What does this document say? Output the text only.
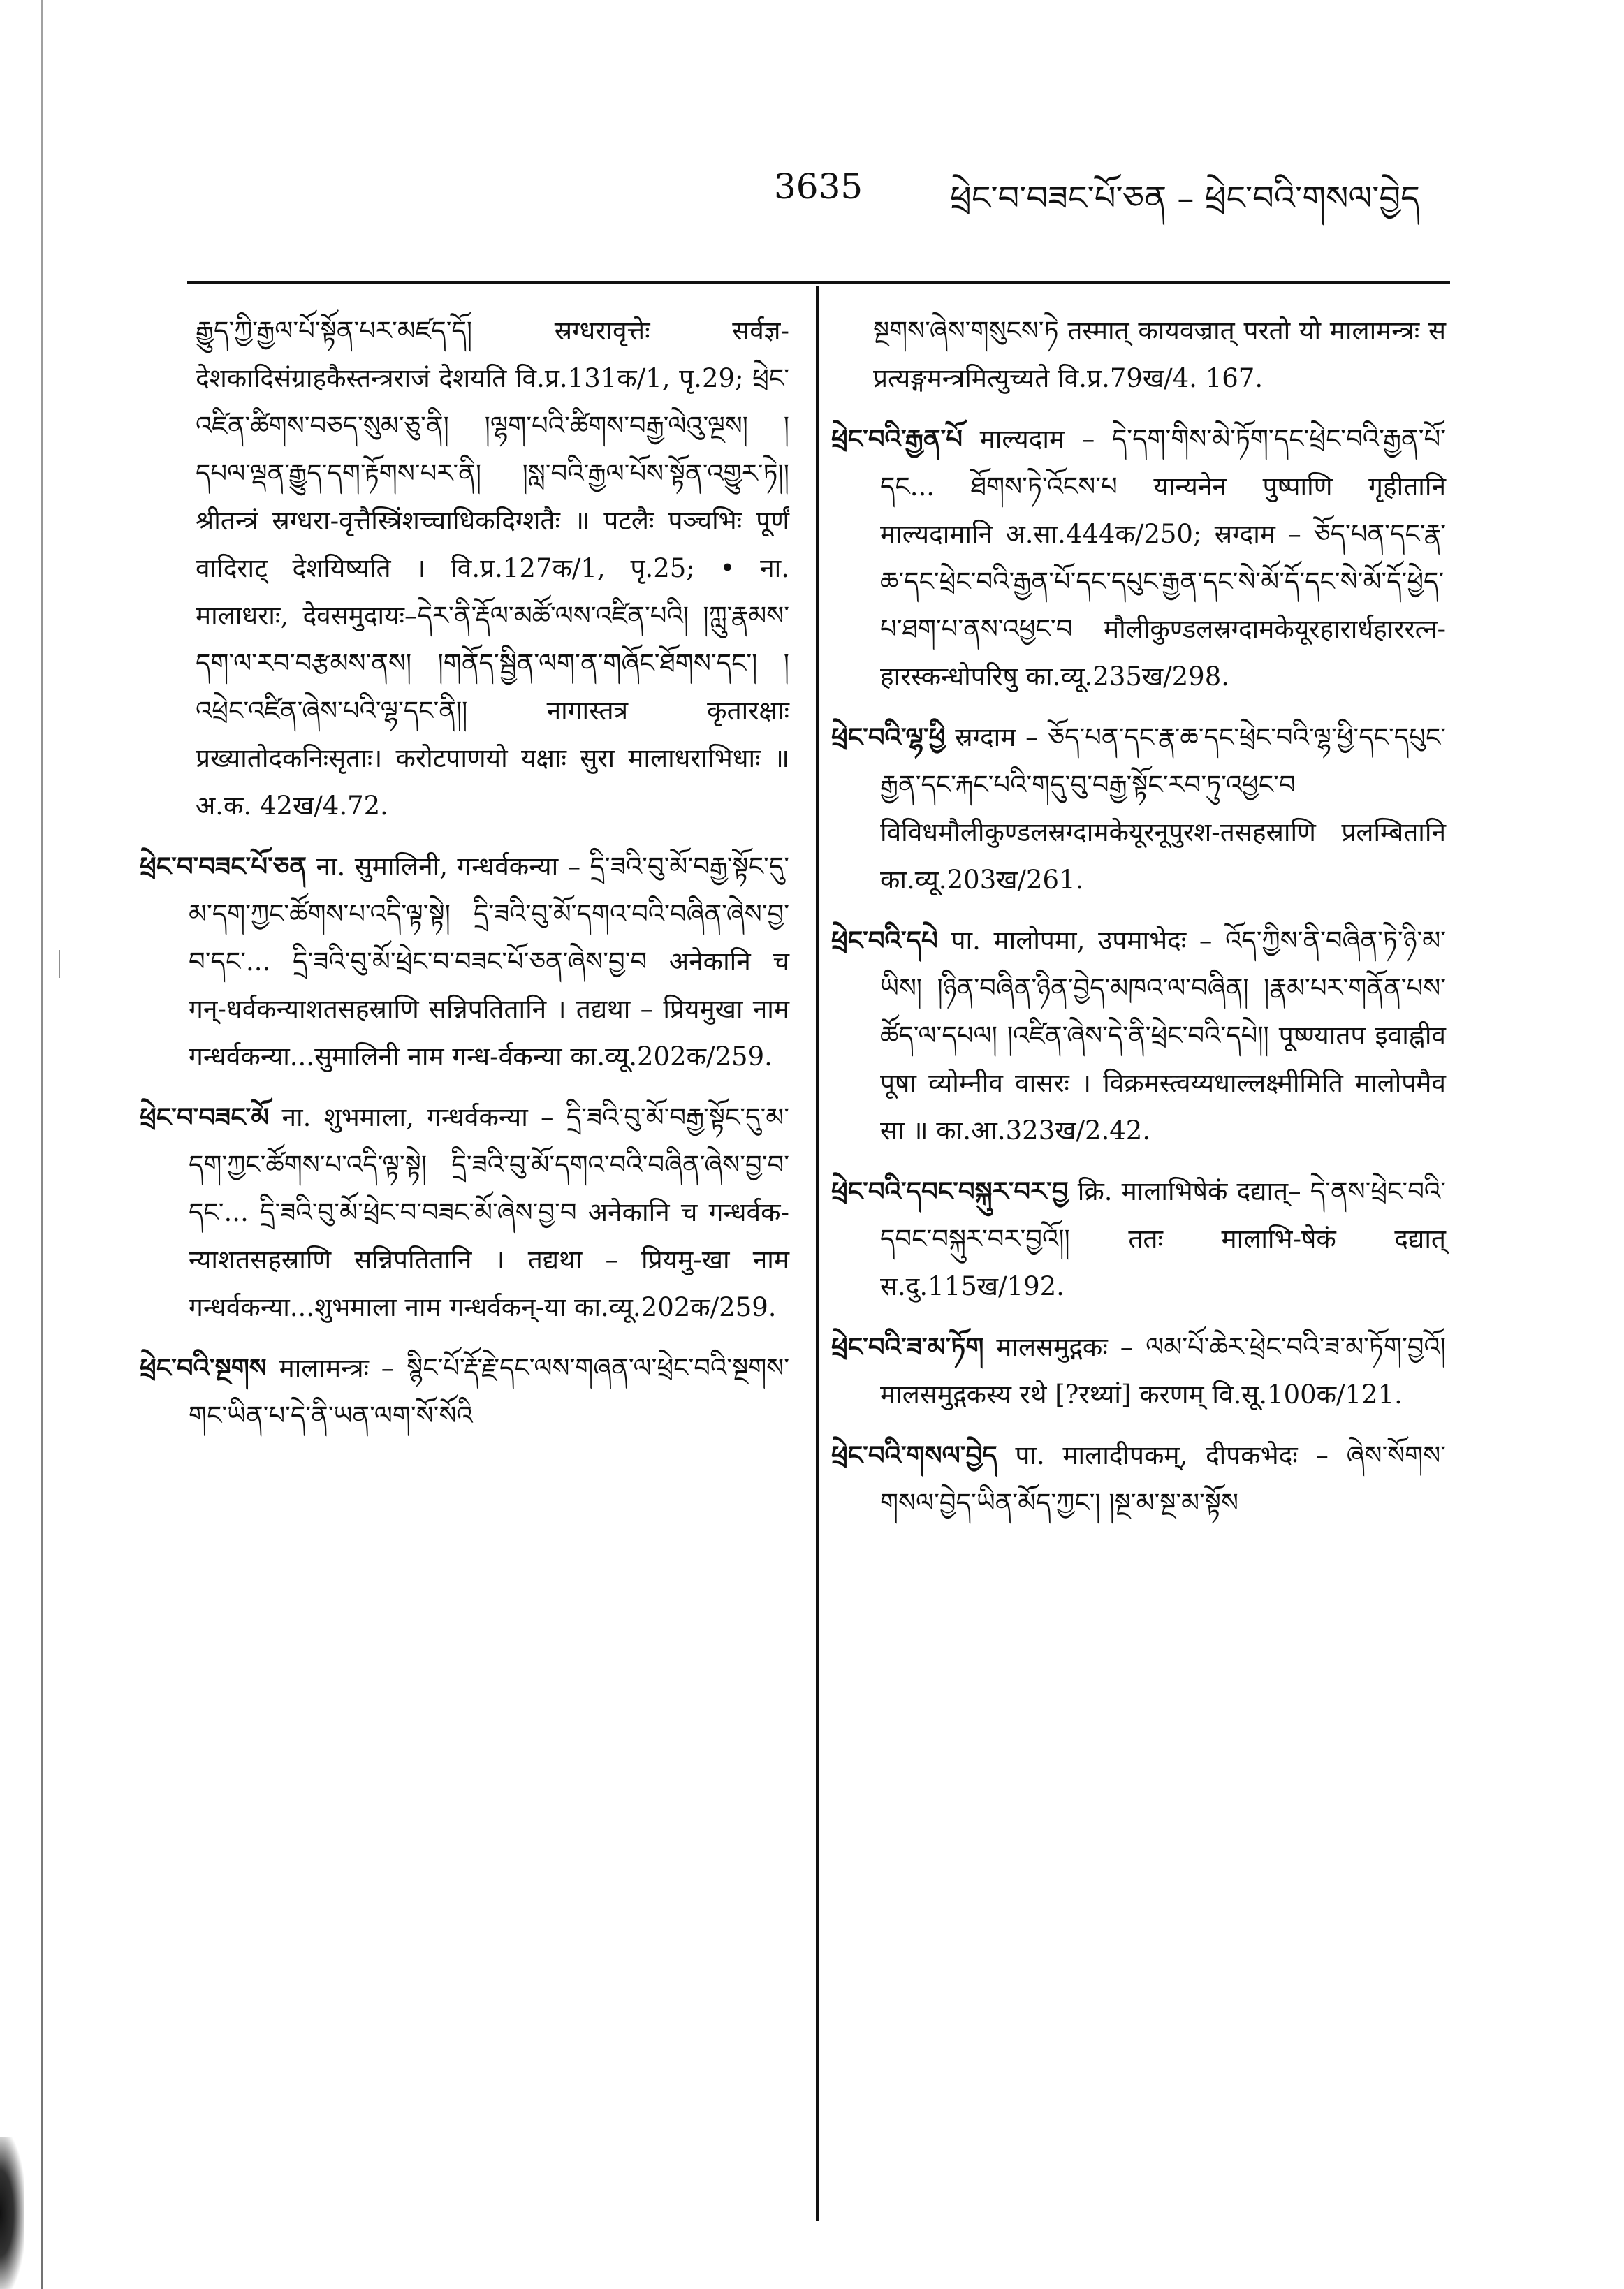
3635	ཕྲེང་བ་བཟང་པོ་ཅན – ཕྲེང་བའི་གསལ་བྱེད

རྒྱུད་ཀྱི་རྒྱལ་པོ་སྟོན་པར་མཛད་དོ། स्रग्धरावृत्तेः सर्वज्ञ-देशकादिसंग्राहकैस्तन्त्रराजं देशयति वि.प्र.131क/1, पृ.29; ཕྲེང་འཛིན་ཚིགས་བཅད་སུམ་ཅུ་ནི། །ལྷག་པའི་ཚིགས་བརྒྱ་ལེའུ་ལྔས། །དཔལ་ལྡན་རྒྱུད་དག་རྟོགས་པར་ནི། །སླ་བའི་རྒྱལ་པོས་སྟོན་འགྱུར་ཏེ།། श्रीतन्त्रं स्रग्धरा-वृत्तैस्त्रिंशच्चाधिकदिग्शतैः ॥ पटलैः पञ्चभिः पूर्णं वादिराट् देशयिष्यति । वि.प्र.127क/1, पृ.25; • ना. मालाधराः, देवसमुदायः–དེར་ནི་རྡོལ་མཚོ་ལས་འཛིན་པའི། །ཀླུ་རྣམས་དག་ལ་རབ་བརྩམས་ནས། །གནོད་སྦྱིན་ལག་ན་གཞོང་ཐོགས་དང་། །འཕྲེང་འཛིན་ཞེས་པའི་ལྷ་དང་ནི།། नागास्तत्र कृतारक्षाः प्रख्यातोदकनिःसृताः। करोटपाणयो यक्षाः सुरा मालाधराभिधाः ॥ अ.क. 42ख/4.72.

ཕྲེང་བ་བཟང་པོ་ཅན ना. सुमालिनी, गन्धर्वकन्या – དྲི་ཟའི་བུ་མོ་བརྒྱ་སྟོང་དུ་མ་དག་ཀྱང་ཚོགས་པ་འདི་ལྟ་སྟེ། དྲི་ཟའི་བུ་མོ་དགའ་བའི་བཞིན་ཞེས་བྱ་བ་དང་... དྲི་ཟའི་བུ་མོ་ཕྲེང་བ་བཟང་པོ་ཅན་ཞེས་བྱ་བ अनेकानि च गन्-धर्वकन्याशतसहस्राणि सन्निपतितानि । तद्यथा – प्रियमुखा नाम गन्धर्वकन्या...सुमालिनी नाम गन्ध-र्वकन्या का.व्यू.202क/259.

ཕྲེང་བ་བཟང་མོ ना. शुभमाला, गन्धर्वकन्या – དྲི་ཟའི་བུ་མོ་བརྒྱ་སྟོང་དུ་མ་དག་ཀྱང་ཚོགས་པ་འདི་ལྟ་སྟེ། དྲི་ཟའི་བུ་མོ་དགའ་བའི་བཞིན་ཞེས་བྱ་བ་དང་... དྲི་ཟའི་བུ་མོ་ཕྲེང་བ་བཟང་མོ་ཞེས་བྱ་བ अनेकानि च गन्धर्वक-न्याशतसहस्राणि सन्निपतितानि । तद्यथा – प्रियमु-खा नाम गन्धर्वकन्या...शुभमाला नाम गन्धर्वकन्-या का.व्यू.202क/259.

ཕྲེང་བའི་སྔགས मालामन्त्रः – སྙིང་པོ་རྡོ་རྗེ་དང་ལས་གཞན་ལ་ཕྲེང་བའི་སྔགས་གང་ཡིན་པ་དེ་ནི་ཡན་ལག་སོ་སོའི

སྔགས་ཞེས་གསུངས་ཏེ तस्मात् कायवज्रात् परतो यो मालामन्त्रः स प्रत्यङ्गमन्त्रमित्युच्यते वि.प्र.79ख/4. 167.

ཕྲེང་བའི་རྒྱན་པོ माल्यदाम – དེ་དག་གིས་མེ་ཏོག་དང་ཕྲེང་བའི་རྒྱན་པོ་དང... ཐོགས་ཏེ་འོངས་པ यान्यनेन पुष्पाणि गृहीतानि माल्यदामानि अ.सा.444क/250; स्रग्दाम – ཅོད་པན་དང་རྣ་ཆ་དང་ཕྲེང་བའི་རྒྱན་པོ་དང་དཔུང་རྒྱན་དང་སེ་མོ་དོ་དང་སེ་མོ་དོ་ཕྱེད་པ་ཐག་པ་ནས་འཕྱང་བ मौलीकुण्डलस्रग्दामकेयूरहारार्धहाररत्न-हारस्कन्धोपरिषु का.व्यू.235ख/298.

ཕྲེང་བའི་ལྷ་ཕྱི स्रग्दाम – ཅོད་པན་དང་རྣ་ཆ་དང་ཕྲེང་བའི་ལྷ་ཕྱི་དང་དཔུང་རྒྱན་དང་རྐང་པའི་གདུ་བུ་བརྒྱ་སྟོང་རབ་ཏུ་འཕྱང་བ विविधमौलीकुण्डलस्रग्दामकेयूरनूपुरश-तसहस्राणि प्रलम्बितानि का.व्यू.203ख/261.

ཕྲེང་བའི་དཔེ पा. मालोपमा, उपमाभेदः – འོད་ཀྱིས་ནི་བཞིན་ཏེ་ཉི་མ་ཡིས། །ཉིན་བཞིན་ཉིན་བྱེད་མཁའ་ལ་བཞིན། །རྣམ་པར་གནོན་པས་ཚོད་ལ་དཔལ། །འཛིན་ཞེས་དེ་ནི་ཕྲེང་བའི་དཔེ།། पूष्ण्यातप इवाह्नीव पूषा व्योम्नीव वासरः । विक्रमस्त्वय्यधाल्लक्ष्मीमिति मालोपमैव सा ॥ का.आ.323ख/2.42.

ཕྲེང་བའི་དབང་བསྐུར་བར་བྱ क्रि. मालाभिषेकं दद्यात्– དེ་ནས་ཕྲེང་བའི་དབང་བསྐུར་བར་བྱའོ།། ततः मालाभि-षेकं दद्यात् स.दु.115ख/192.

ཕྲེང་བའི་ཟ་མ་ཏོག मालसमुद्गकः – ལམ་པོ་ཆེར་ཕྲེང་བའི་ཟ་མ་ཏོག་བྱའོ། मालसमुद्गकस्य रथे [?रथ्यां] करणम् वि.सू.100क/121.

ཕྲེང་བའི་གསལ་བྱེད पा. मालादीपकम्, दीपकभेदः – ཞེས་སོགས་གསལ་བྱེད་ཡིན་མོད་ཀྱང་། །སྔ་མ་སྔ་མ་སྟོས
